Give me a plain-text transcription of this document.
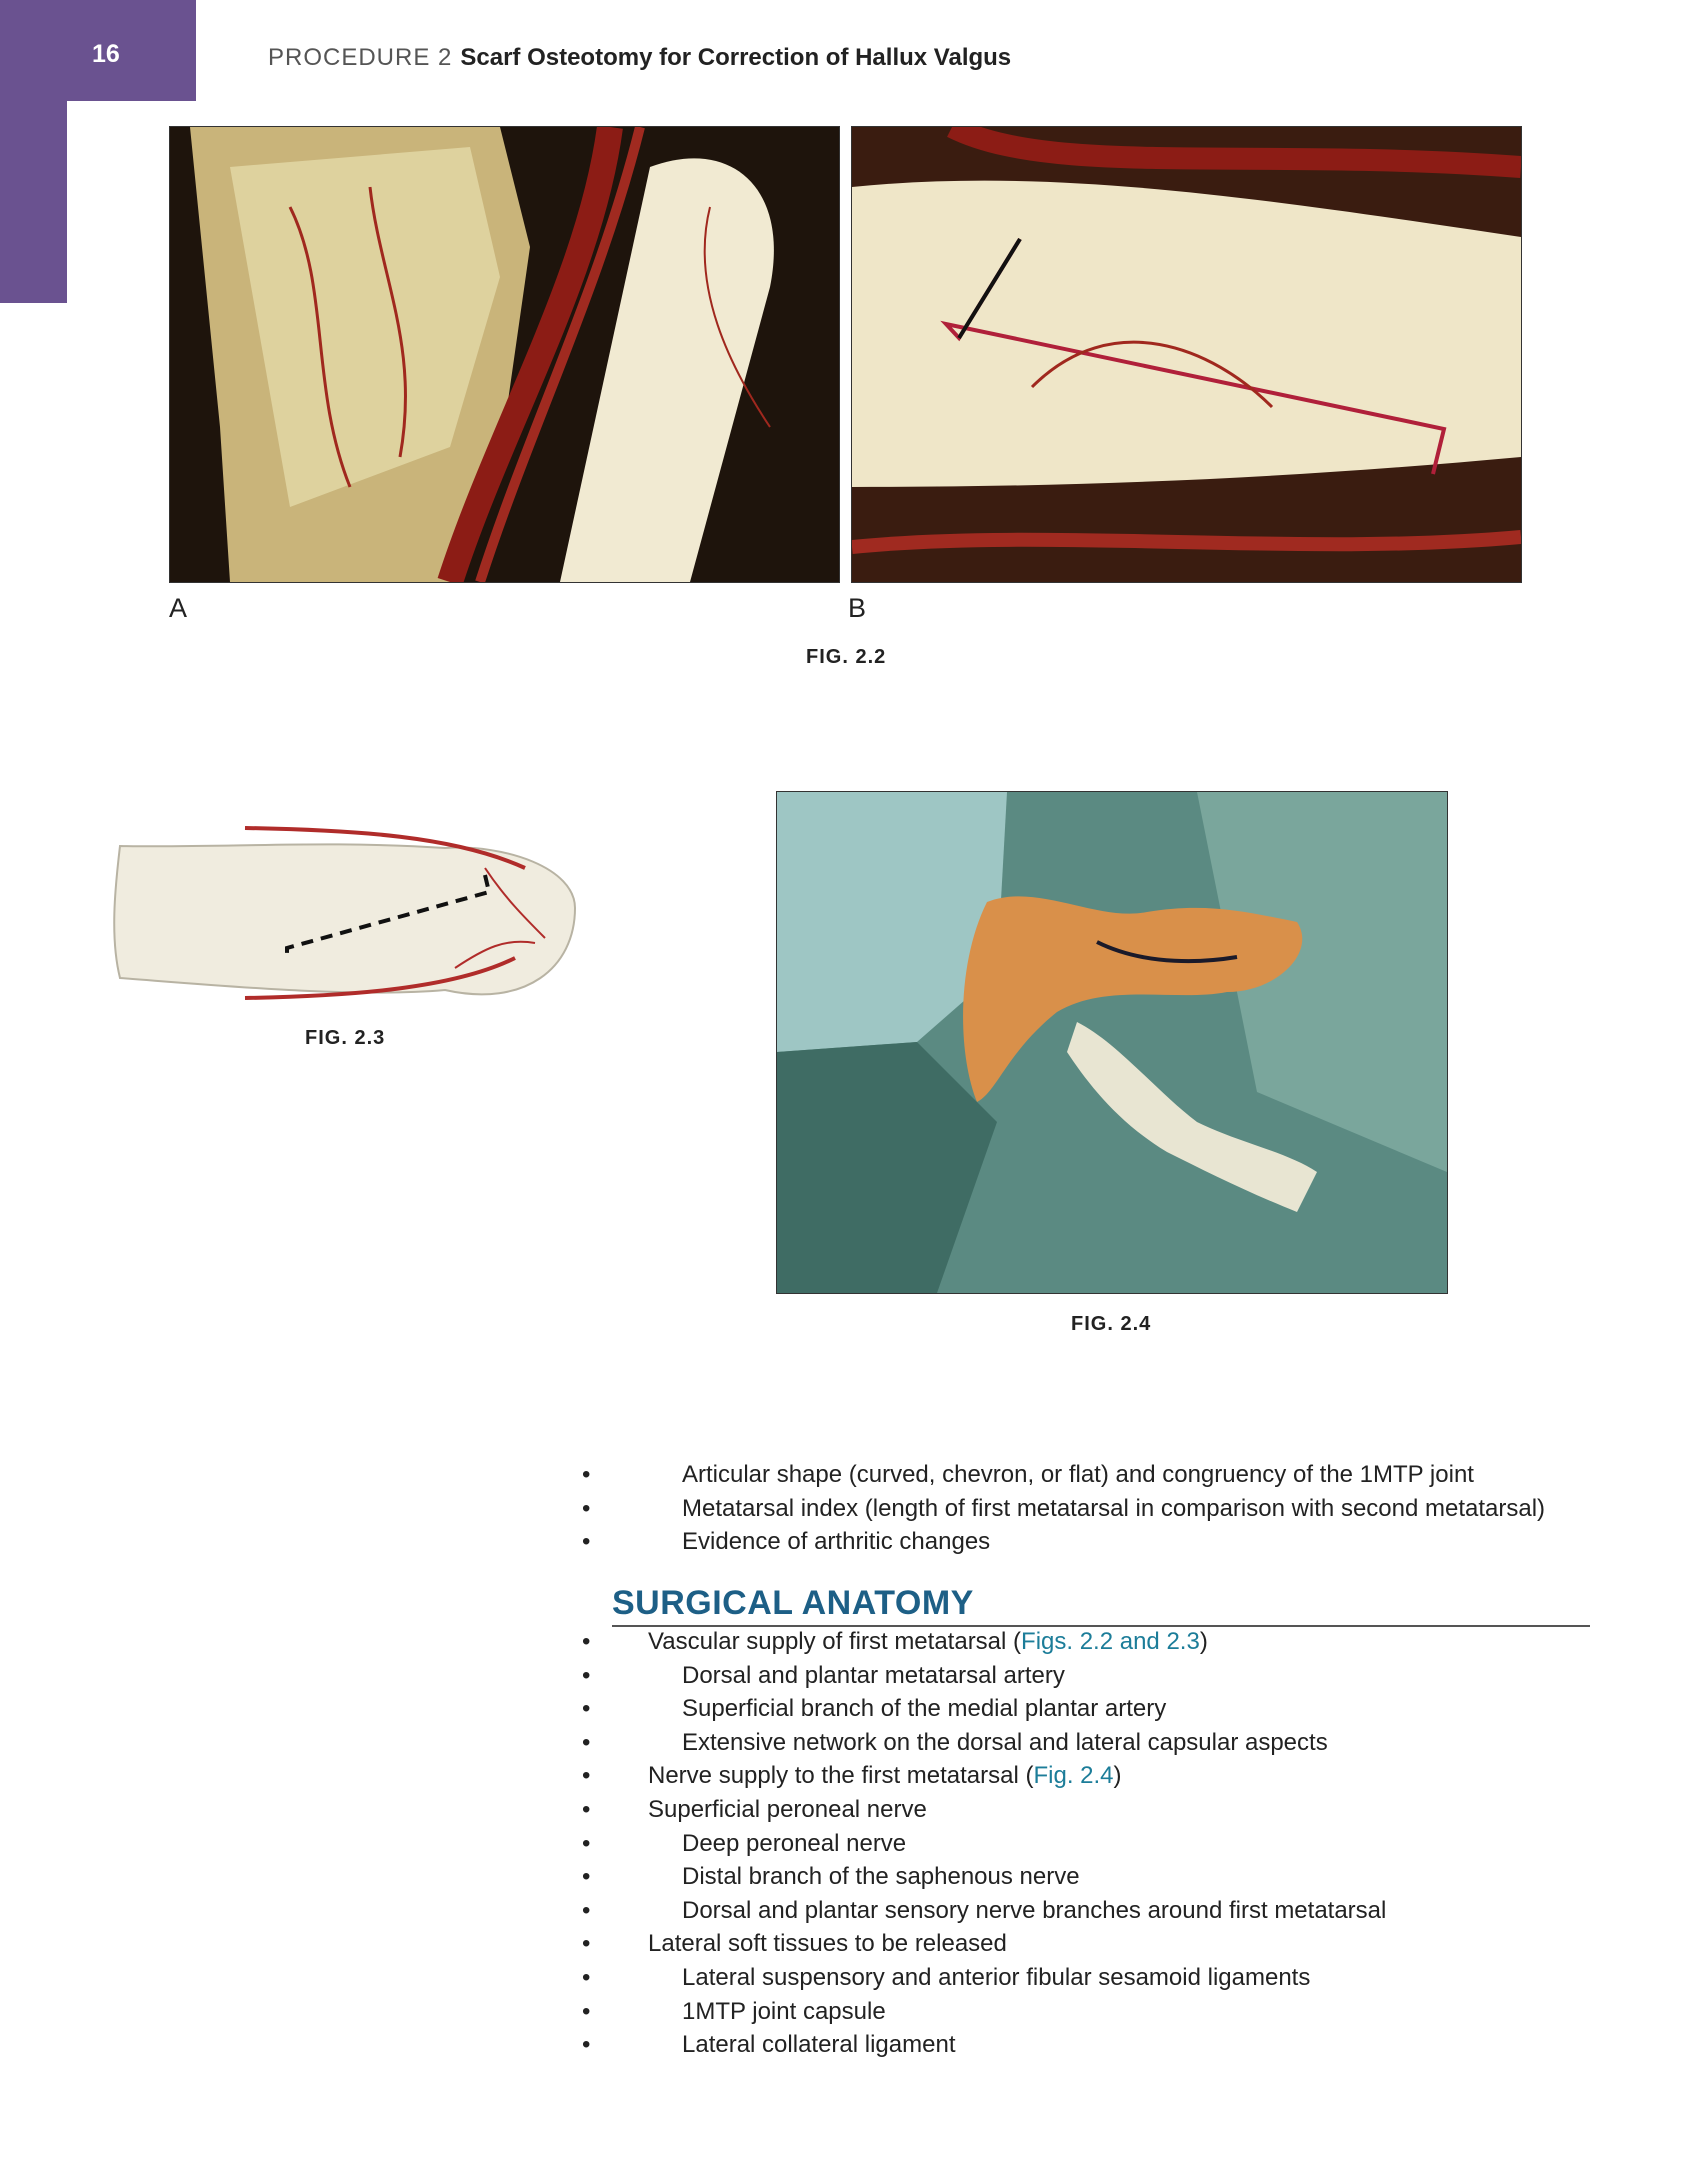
16	PROCEDURE 2 Scarf Osteotomy for Correction of Hallux Valgus
A	B
FIG. 2.2
FIG. 2.3
FIG. 2.4
• Articular shape (curved, chevron, or flat) and congruency of the 1MTP joint
• Metatarsal index (length of first metatarsal in comparison with second metatarsal)
• Evidence of arthritic changes
SURGICAL ANATOMY
• Vascular supply of first metatarsal (Figs. 2.2 and 2.3)
• Dorsal and plantar metatarsal artery
• Superficial branch of the medial plantar artery
• Extensive network on the dorsal and lateral capsular aspects
• Nerve supply to the first metatarsal (Fig. 2.4)
• Superficial peroneal nerve
• Deep peroneal nerve
• Distal branch of the saphenous nerve
• Dorsal and plantar sensory nerve branches around first metatarsal
• Lateral soft tissues to be released
• Lateral suspensory and anterior fibular sesamoid ligaments
• 1MTP joint capsule
• Lateral collateral ligament
